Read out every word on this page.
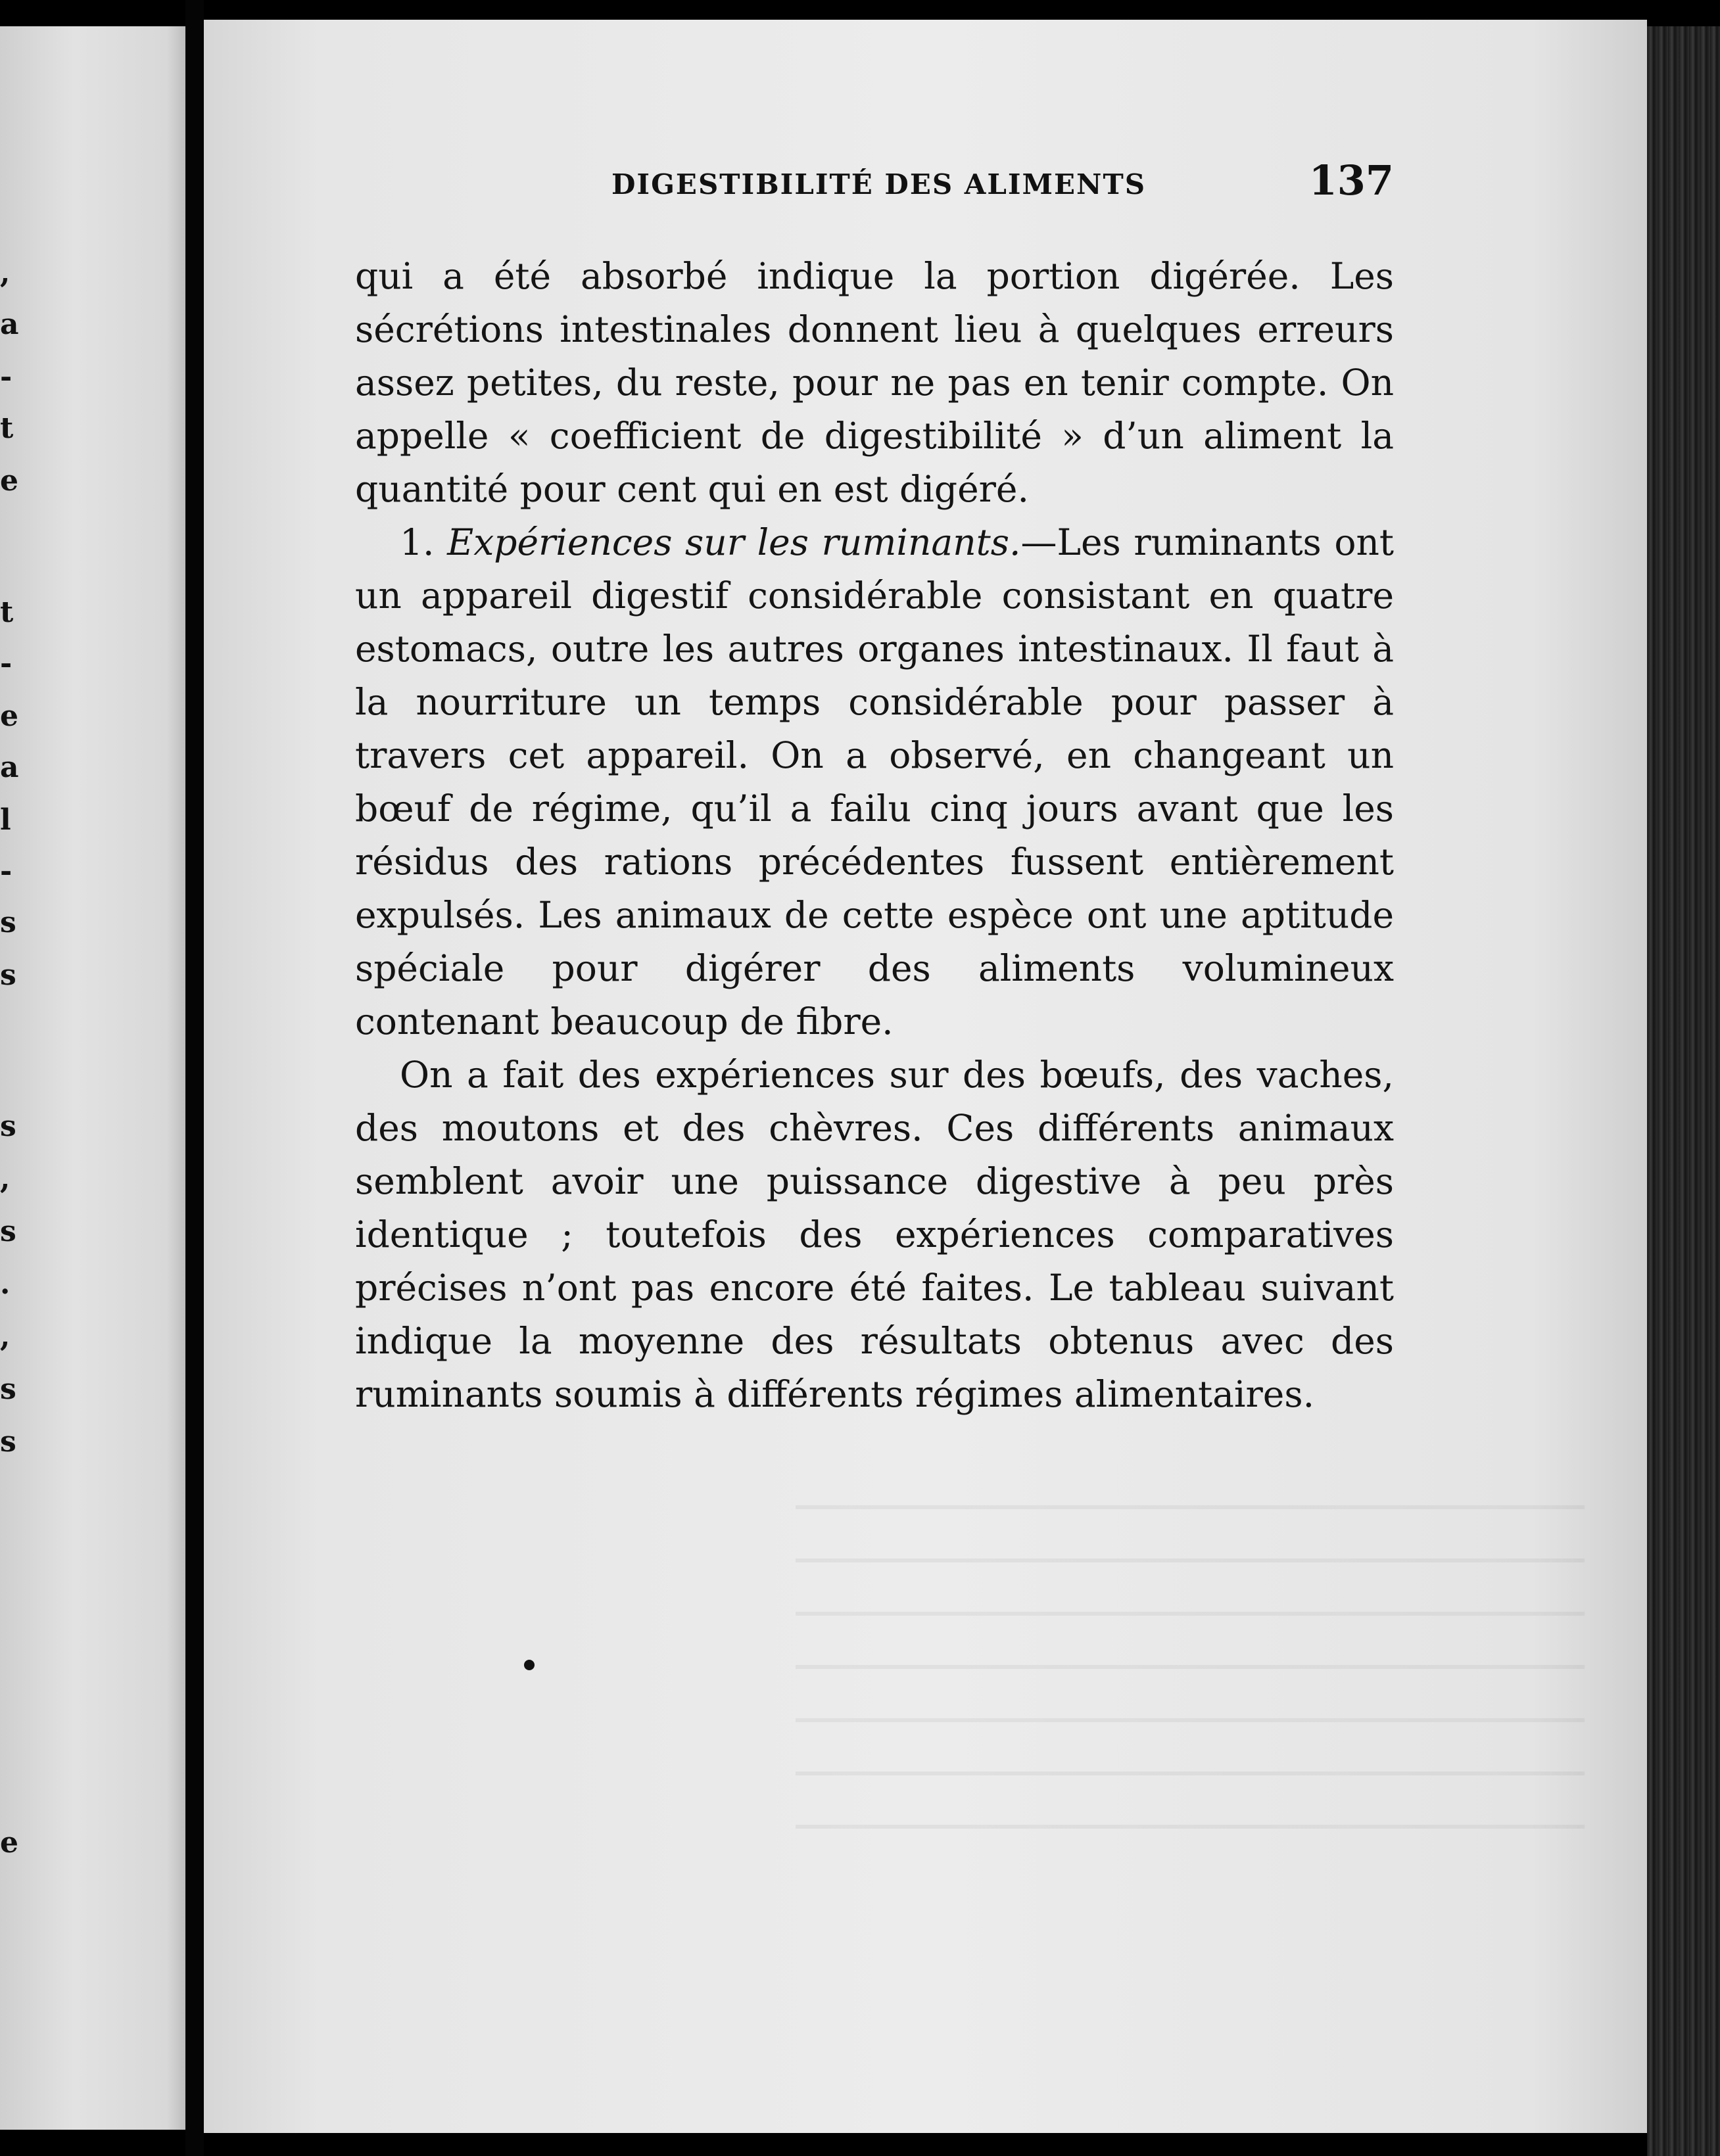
,
a
-
t
e
t
-
e
a
l
-
s
s
s
,
s
.
,
s
s
e
DIGESTIBILITÉ DES ALIMENTS	137

qui a été absorbé indique la portion digérée. Les sécrétions intestinales donnent lieu à quelques erreurs assez petites, du reste, pour ne pas en tenir compte. On appelle « coefficient de digestibilité » d’un aliment la quantité pour cent qui en est digéré.

1. Expériences sur les ruminants.—Les ruminants ont un appareil digestif considérable consistant en quatre estomacs, outre les autres organes intestinaux. Il faut à la nourriture un temps considérable pour passer à travers cet appareil. On a observé, en changeant un bœuf de régime, qu’il a failu cinq jours avant que les résidus des rations précédentes fussent entièrement expulsés. Les animaux de cette espèce ont une aptitude spéciale pour digérer des aliments volumineux contenant beaucoup de fibre.

On a fait des expériences sur des bœufs, des vaches, des moutons et des chèvres. Ces différents animaux semblent avoir une puissance digestive à peu près identique ; toutefois des expériences comparatives précises n’ont pas encore été faites. Le tableau suivant indique la moyenne des résultats obtenus avec des ruminants soumis à différents régimes alimentaires.
